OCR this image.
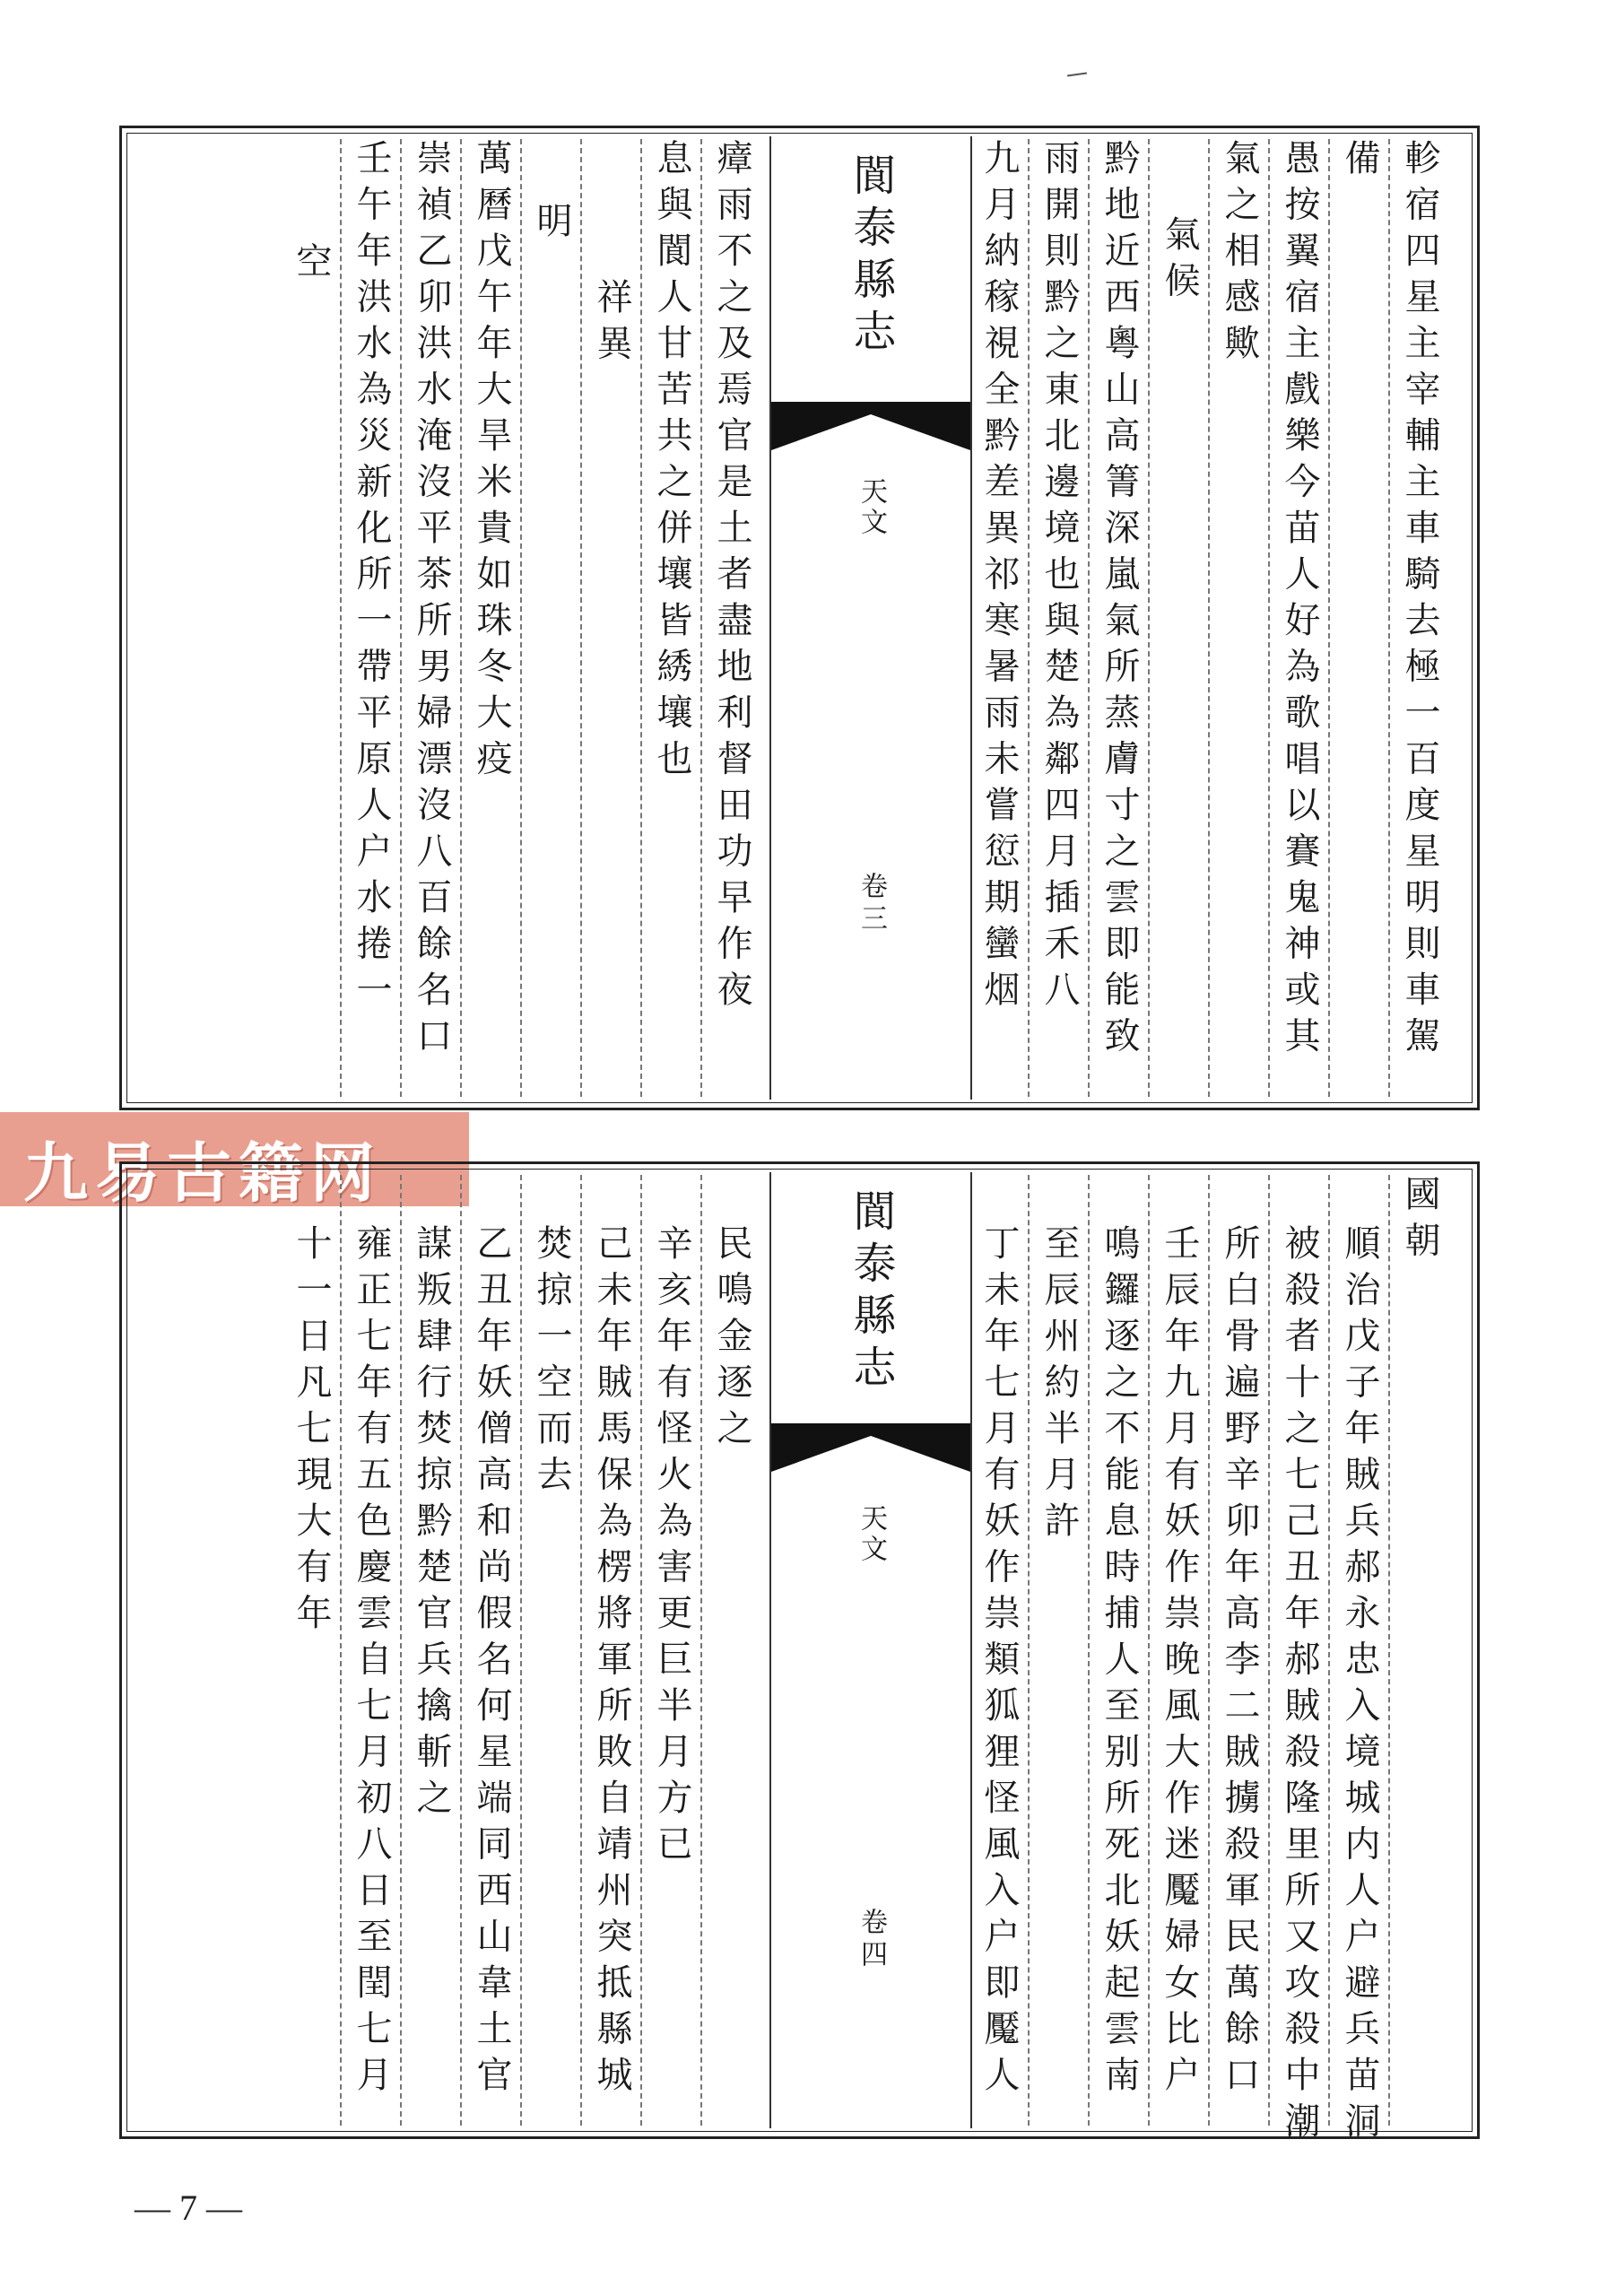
軫宿四星主宰輔主車騎去極一百度星明則車駕
備
愚按翼宿主戲樂今苗人好為歌唱以賽鬼神或其
氣之相感歟
氣候
黔地近西粵山高箐深嵐氣所蒸膚寸之雲即能致
雨開則黔之東北邊境也與楚為鄰四月插禾八
九月納稼視全黔差異祁寒暑雨未嘗愆期蠻烟
閬泰縣志
天文
卷三
瘴雨不之及焉官是土者盡地利督田功早作夜
息與閬人甘苦共之併壤皆綉壤也
祥異
明
萬曆戊午年大旱米貴如珠冬大疫
崇禎乙卯洪水淹沒平茶所男婦漂沒八百餘名口
壬午年洪水為災新化所一帶平原人户水捲一
空
九易古籍网
國朝
順治戊子年賊兵郝永忠入境城内人户避兵苗洞
被殺者十之七己丑年郝賊殺隆里所又攻殺中潮
所白骨遍野辛卯年高李二賊擄殺軍民萬餘口
壬辰年九月有妖作祟晚風大作迷魘婦女比户
鳴鑼逐之不能息時捕人至别所死北妖起雲南
至辰州約半月許
丁未年七月有妖作祟類狐狸怪風入户即魘人
閬泰縣志
天文
卷四
民鳴金逐之
辛亥年有怪火為害更巨半月方已
己未年賊馬保為楞將軍所敗自靖州突抵縣城
焚掠一空而去
乙丑年妖僧高和尚假名何星端同西山韋土官
謀叛肆行焚掠黔楚官兵擒斬之
雍正七年有五色慶雲自七月初八日至閏七月
十一日凡七現大有年
— 7 —
